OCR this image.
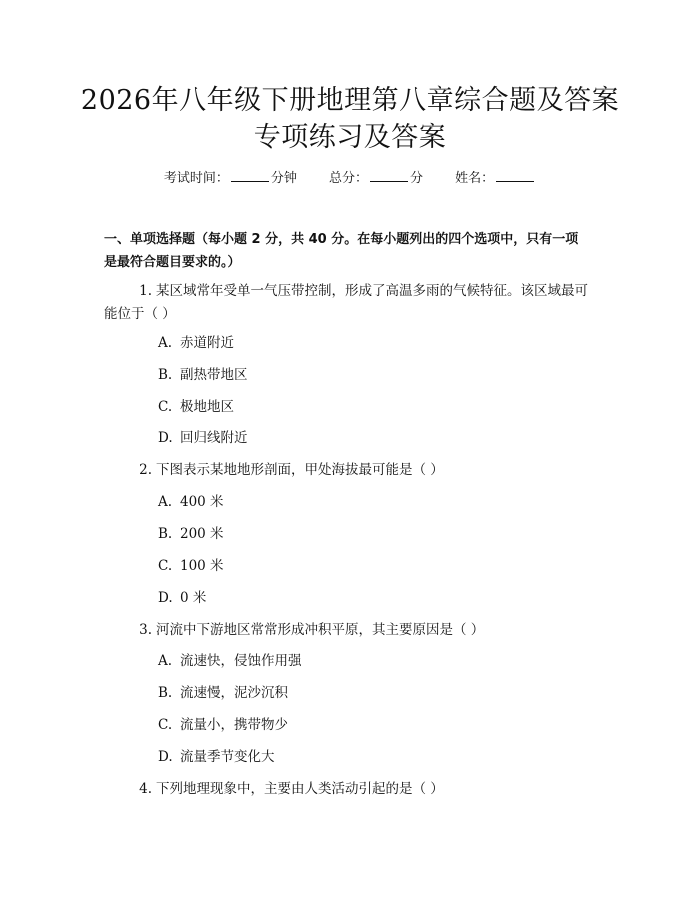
2026年八年级下册地理第八章综合题及答案
专项练习及答案
考试时间：	分钟 总分：	分 姓名：
一、单项选择题（每小题 2 分，共 40 分。在每小题列出的四个选项中，只有一项
是最符合题目要求的。）
1. 某区域常年受单一气压带控制，形成了高温多雨的气候特征。该区域最可
能位于（ ）
A. 赤道附近
B. 副热带地区
C. 极地地区
D. 回归线附近
2. 下图表示某地地形剖面，甲处海拔最可能是（ ）
A. 400 米
B. 200 米
C. 100 米
D. 0 米
3. 河流中下游地区常常形成冲积平原，其主要原因是（ ）
A. 流速快，侵蚀作用强
B. 流速慢，泥沙沉积
C. 流量小，携带物少
D. 流量季节变化大
4. 下列地理现象中，主要由人类活动引起的是（ ）
